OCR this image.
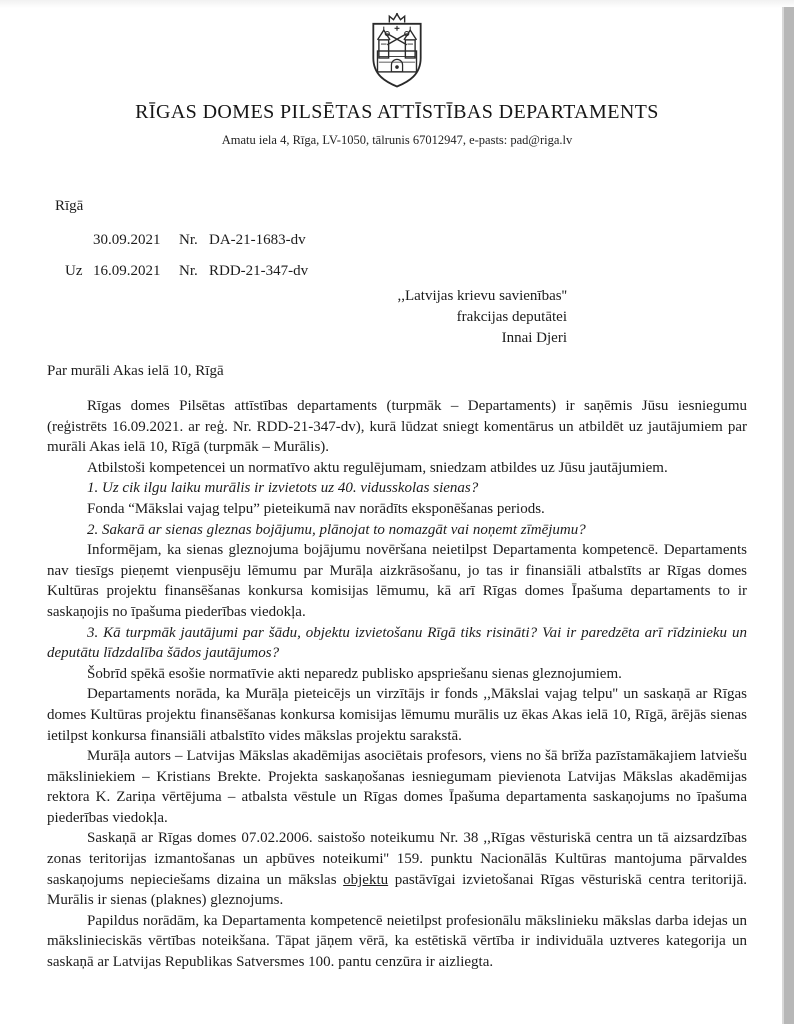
RĪGAS DOMES PILSĒTAS ATTĪSTĪBAS DEPARTAMENTS
Amatu iela 4, Rīga, LV-1050, tālrunis 67012947, e-pasts: pad@riga.lv
Rīgā
30.09.2021 Nr. DA-21-1683-dv
Uz 16.09.2021 Nr. RDD-21-347-dv
,,Latvijas krievu savienības''
frakcijas deputātei
Innai Djeri
Par murāli Akas ielā 10, Rīgā

Rīgas domes Pilsētas attīstības departaments (turpmāk – Departaments) ir saņēmis Jūsu iesniegumu (reģistrēts 16.09.2021. ar reģ. Nr. RDD-21-347-dv), kurā lūdzat sniegt komentārus un atbildēt uz jautājumiem par murāli Akas ielā 10, Rīgā (turpmāk – Murālis).

Atbilstoši kompetencei un normatīvo aktu regulējumam, sniedzam atbildes uz Jūsu jautājumiem.

1. Uz cik ilgu laiku murālis ir izvietots uz 40. vidusskolas sienas?

Fonda “Mākslai vajag telpu” pieteikumā nav norādīts eksponēšanas periods.

2. Sakarā ar sienas gleznas bojājumu, plānojat to nomazgāt vai noņemt zīmējumu?

Informējam, ka sienas gleznojuma bojājumu novēršana neietilpst Departamenta kompetencē. Departaments nav tiesīgs pieņemt vienpusēju lēmumu par Murāļa aizkrāsošanu, jo tas ir finansiāli atbalstīts ar Rīgas domes Kultūras projektu finansēšanas konkursa komisijas lēmumu, kā arī Rīgas domes Īpašuma departaments to ir saskaņojis no īpašuma piederības viedokļa.

3. Kā turpmāk jautājumi par šādu, objektu izvietošanu Rīgā tiks risināti? Vai ir paredzēta arī rīdzinieku un deputātu līdzdalība šādos jautājumos?

Šobrīd spēkā esošie normatīvie akti neparedz publisko apspriešanu sienas gleznojumiem.

Departaments norāda, ka Murāļa pieteicējs un virzītājs ir fonds ,,Mākslai vajag telpu'' un saskaņā ar Rīgas domes Kultūras projektu finansēšanas konkursa komisijas lēmumu murālis uz ēkas Akas ielā 10, Rīgā, ārējās sienas ietilpst konkursa finansiāli atbalstīto vides mākslas projektu sarakstā.

Murāļa autors – Latvijas Mākslas akadēmijas asociētais profesors, viens no šā brīža pazīstamākajiem latviešu māksliniekiem – Kristians Brekte. Projekta saskaņošanas iesniegumam pievienota Latvijas Mākslas akadēmijas rektora K. Zariņa vērtējuma – atbalsta vēstule un Rīgas domes Īpašuma departamenta saskaņojums no īpašuma piederības viedokļa.

Saskaņā ar Rīgas domes 07.02.2006. saistošo noteikumu Nr. 38 ,,Rīgas vēsturiskā centra un tā aizsardzības zonas teritorijas izmantošanas un apbūves noteikumi'' 159. punktu Nacionālās Kultūras mantojuma pārvaldes saskaņojums nepieciešams dizaina un mākslas objektu pastāvīgai izvietošanai Rīgas vēsturiskā centra teritorijā. Murālis ir sienas (plaknes) gleznojums.

Papildus norādām, ka Departamenta kompetencē neietilpst profesionālu mākslinieku mākslas darba idejas un mākslinieciskās vērtības noteikšana. Tāpat jāņem vērā, ka estētiskā vērtība ir individuāla uztveres kategorija un saskaņā ar Latvijas Republikas Satversmes 100. pantu cenzūra ir aizliegta.
